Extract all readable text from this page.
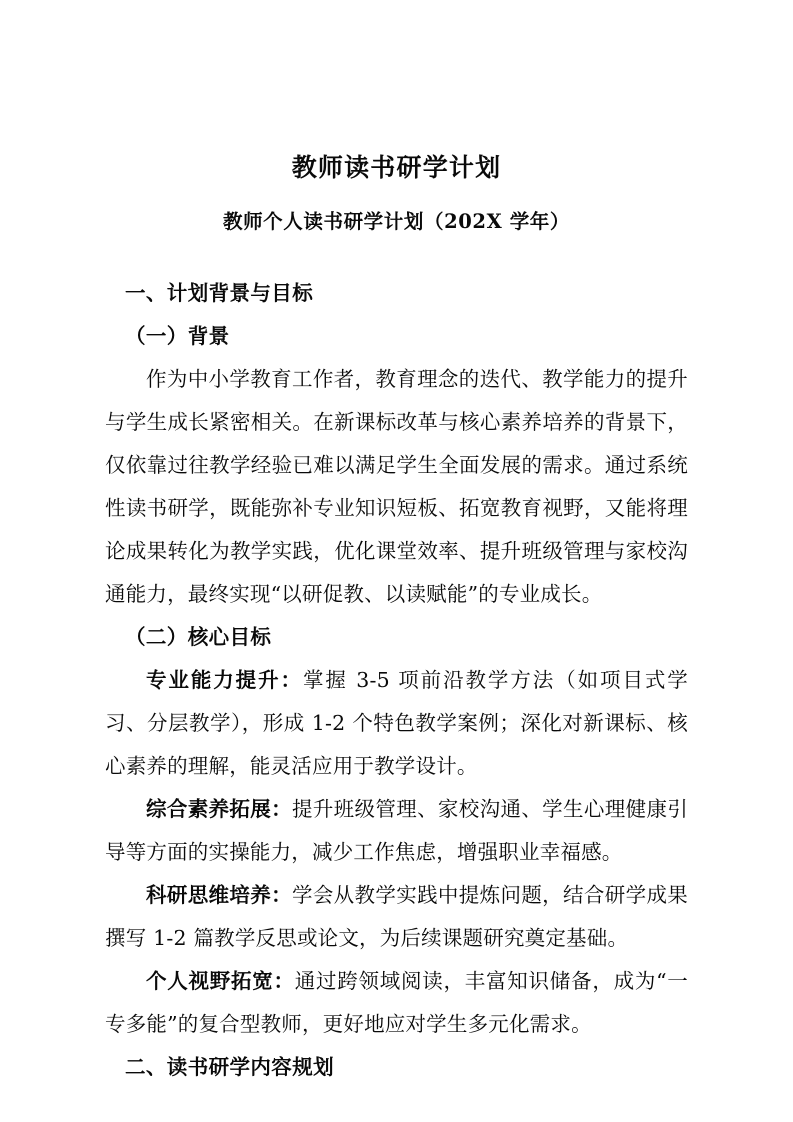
教师读书研学计划
教师个人读书研学计划（202X 学年）

一、计划背景与目标

（一）背景

作为中小学教育工作者，教育理念的迭代、教学能力的提升与学生成长紧密相关。在新课标改革与核心素养培养的背景下，仅依靠过往教学经验已难以满足学生全面发展的需求。通过系统性读书研学，既能弥补专业知识短板、拓宽教育视野，又能将理论成果转化为教学实践，优化课堂效率、提升班级管理与家校沟通能力，最终实现“以研促教、以读赋能”的专业成长。

（二）核心目标

专业能力提升：掌握 3-5 项前沿教学方法（如项目式学习、分层教学），形成 1-2 个特色教学案例；深化对新课标、核心素养的理解，能灵活应用于教学设计。

综合素养拓展：提升班级管理、家校沟通、学生心理健康引导等方面的实操能力，减少工作焦虑，增强职业幸福感。

科研思维培养：学会从教学实践中提炼问题，结合研学成果撰写 1-2 篇教学反思或论文，为后续课题研究奠定基础。

个人视野拓宽：通过跨领域阅读，丰富知识储备，成为“一专多能”的复合型教师，更好地应对学生多元化需求。

二、读书研学内容规划
